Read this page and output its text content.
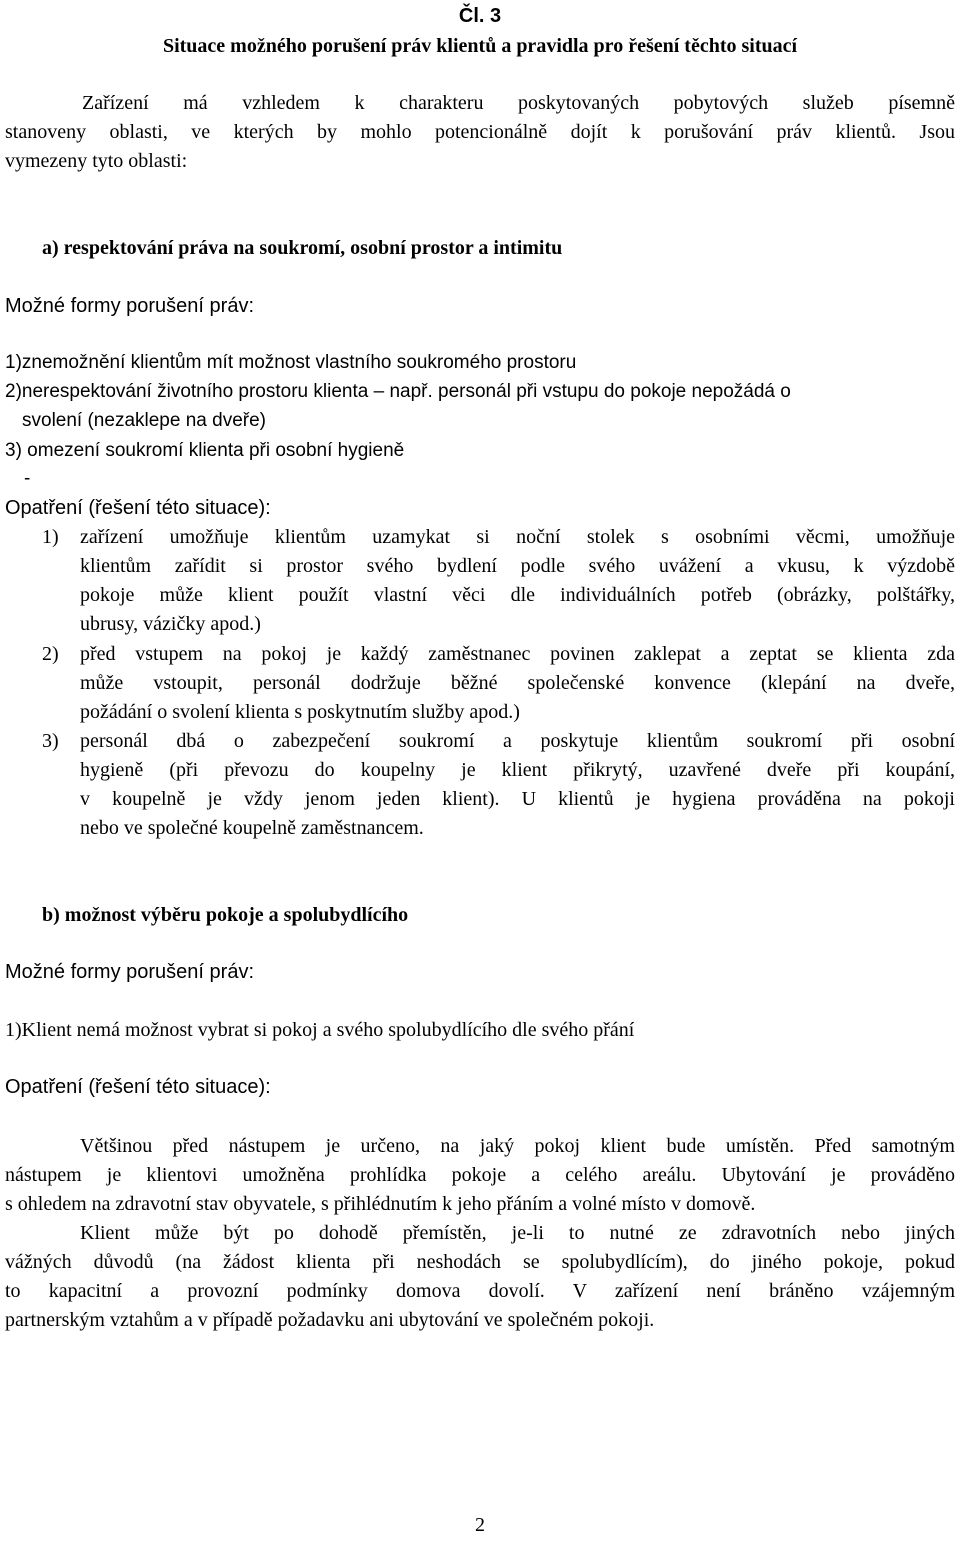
Čl. 3
Situace možného porušení práv klientů a pravidla pro řešení těchto situací
Zařízení má vzhledem k charakteru poskytovaných pobytových služeb písemně
stanoveny oblasti, ve kterých by mohlo potencionálně dojít k porušování práv klientů. Jsou
vymezeny tyto oblasti:
a) respektování práva na soukromí, osobní prostor a intimitu
Možné formy porušení práv:
1)znemožnění klientům mít možnost vlastního soukromého prostoru
2)nerespektování životního prostoru klienta – např. personál při vstupu do pokoje nepožádá o
svolení (nezaklepe na dveře)
3) omezení soukromí klienta při osobní hygieně
-
Opatření (řešení této situace):
1) zařízení umožňuje klientům uzamykat si noční stolek s osobními věcmi, umožňuje
klientům zařídit si prostor svého bydlení podle svého uvážení a vkusu, k výzdobě
pokoje může klient použít vlastní věci dle individuálních potřeb (obrázky, polštářky,
ubrusy, vázičky apod.)
2) před vstupem na pokoj je každý zaměstnanec povinen zaklepat a zeptat se klienta zda
může vstoupit, personál dodržuje běžné společenské konvence (klepání na dveře,
požádání o svolení klienta s poskytnutím služby apod.)
3) personál dbá o zabezpečení soukromí a poskytuje klientům soukromí při osobní
hygieně (při převozu do koupelny je klient přikrytý, uzavřené dveře při koupání,
v koupelně je vždy jenom jeden klient). U klientů je hygiena prováděna na pokoji
nebo ve společné koupelně zaměstnancem.
b) možnost výběru pokoje a spolubydlícího
Možné formy porušení práv:
1)Klient nemá možnost vybrat si pokoj a svého spolubydlícího dle svého přání
Opatření (řešení této situace):
Většinou před nástupem je určeno, na jaký pokoj klient bude umístěn. Před samotným
nástupem je klientovi umožněna prohlídka pokoje a celého areálu. Ubytování je prováděno
s ohledem na zdravotní stav obyvatele, s přihlédnutím k jeho přáním a volné místo v domově.
Klient může být po dohodě přemístěn, je-li to nutné ze zdravotních nebo jiných
vážných důvodů (na žádost klienta při neshodách se spolubydlícím), do jiného pokoje, pokud
to kapacitní a provozní podmínky domova dovolí. V zařízení není bráněno vzájemným
partnerským vztahům a v případě požadavku ani ubytování ve společném pokoji.
2
